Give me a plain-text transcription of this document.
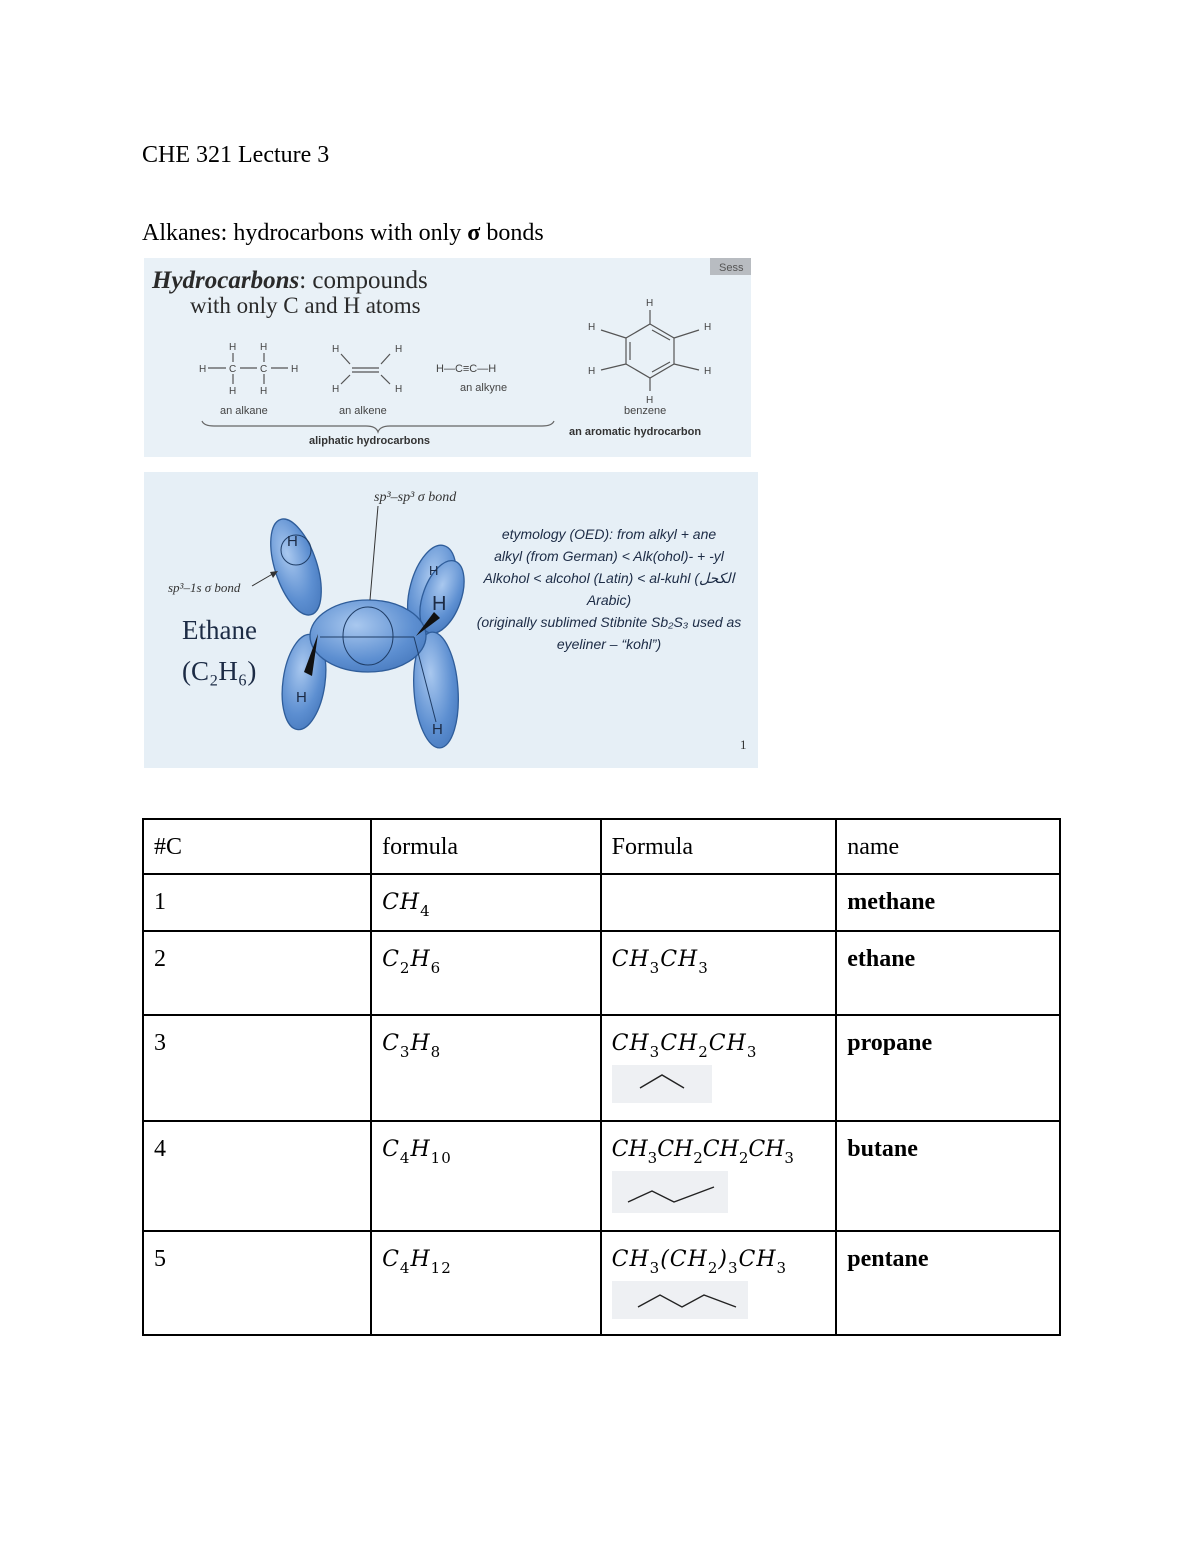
CHE 321 Lecture 3
Alkanes: hydrocarbons with only σ bonds
Sess
Hydrocarbons: compounds
with only C and H atoms
H H
H C C H
H H
an alkane
H	H
H	H
an alkene
H—C≡C—H
an alkyne
H
H	H
H	H
H
benzene
aliphatic hydrocarbons
an aromatic hydrocarbon
H
H
H
H
H
sp³–sp³ σ bond
sp³–1s σ bond
Ethane
(C₂H₆)
etymology (OED): from alkyl + ane
alkyl (from German) < Alk(ohol)- + -yl
Alkohol < alcohol (Latin) < al-kuhl (الكحل
Arabic)
(originally sublimed Stibnite Sb₂S₃ used as
eyeliner – “kohl”)
1
#C	formula	Formula	name
1	$CH_4$		methane
2	$C_2H_6$	$CH_3CH_3$	ethane
3	$C_3H_8$	$CH_3CH_2CH_3$	propane
4	$C_4H_{10}$	$CH_3CH_2CH_2CH_3$	butane
5	$C_4H_{12}$	$CH_3(CH_2)_3CH_3$	pentane
